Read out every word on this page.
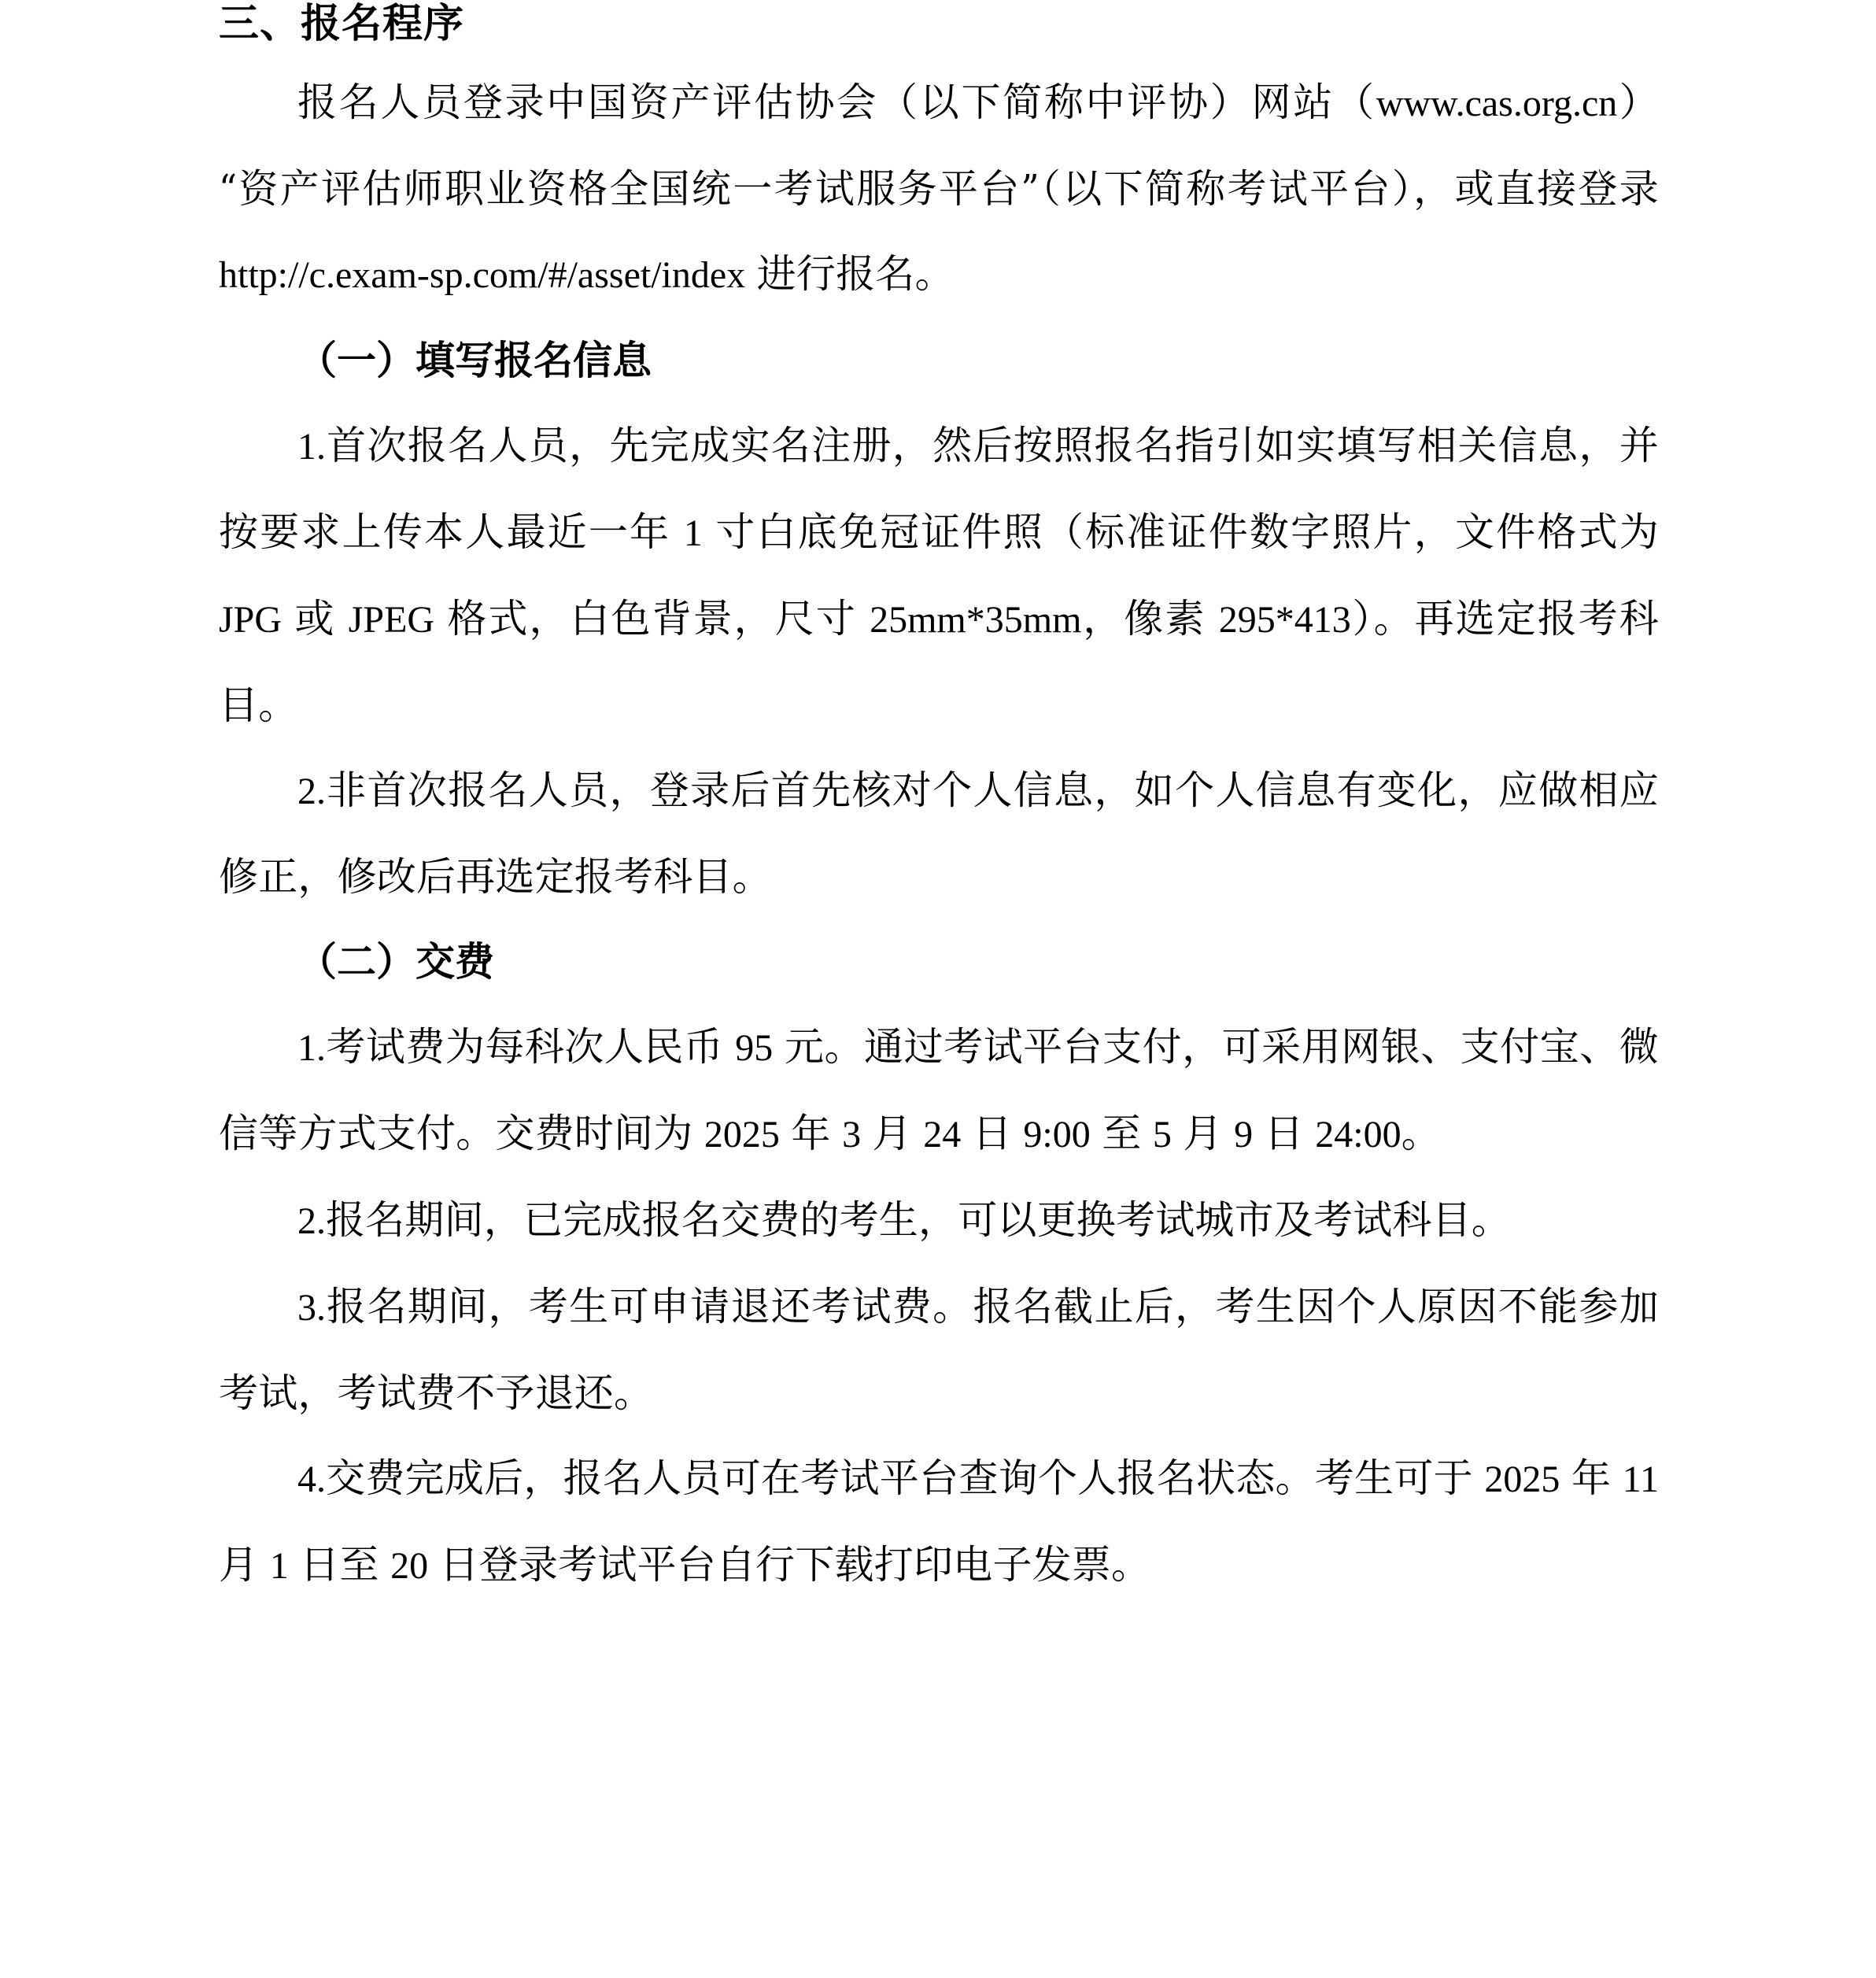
三、报名程序

报名人员登录中国资产评估协会（以下简称中评协）网站（www.cas.org.cn）“资产评估师职业资格全国统一考试服务平台”（以下简称考试平台），或直接登录 http://c.exam-sp.com/#/asset/index 进行报名。

（一）填写报名信息

1.首次报名人员，先完成实名注册，然后按照报名指引如实填写相关信息，并按要求上传本人最近一年 1 寸白底免冠证件照（标准证件数字照片，文件格式为 JPG 或 JPEG 格式，白色背景，尺寸 25mm*35mm，像素 295*413）。再选定报考科目。

2.非首次报名人员，登录后首先核对个人信息，如个人信息有变化，应做相应修正，修改后再选定报考科目。

（二）交费

1.考试费为每科次人民币 95 元。通过考试平台支付，可采用网银、支付宝、微信等方式支付。交费时间为 2025 年 3 月 24 日 9:00 至 5 月 9 日 24:00。

2.报名期间，已完成报名交费的考生，可以更换考试城市及考试科目。

3.报名期间，考生可申请退还考试费。报名截止后，考生因个人原因不能参加考试，考试费不予退还。

4.交费完成后，报名人员可在考试平台查询个人报名状态。考生可于 2025 年 11 月 1 日至 20 日登录考试平台自行下载打印电子发票。
